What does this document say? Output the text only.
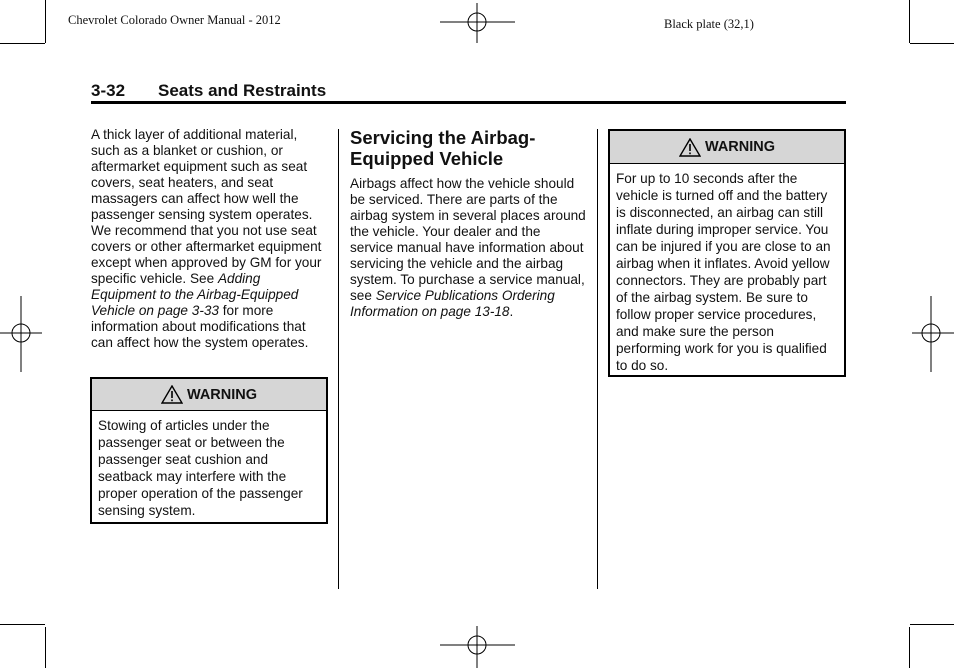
Chevrolet Colorado Owner Manual - 2012	Black plate (32,1)
3-32 Seats and Restraints

A thick layer of additional material, such as a blanket or cushion, or aftermarket equipment such as seat covers, seat heaters, and seat massagers can affect how well the passenger sensing system operates. We recommend that you not use seat covers or other aftermarket equipment except when approved by GM for your specific vehicle. See Adding Equipment to the Airbag-Equipped Vehicle on page 3-33 for more information about modifications that can affect how the system operates.

WARNING

Stowing of articles under the passenger seat or between the passenger seat cushion and seatback may interfere with the proper operation of the passenger sensing system.

Servicing the Airbag-Equipped Vehicle

Airbags affect how the vehicle should be serviced. There are parts of the airbag system in several places around the vehicle. Your dealer and the service manual have information about servicing the vehicle and the airbag system. To purchase a service manual, see Service Publications Ordering Information on page 13-18.

WARNING

For up to 10 seconds after the vehicle is turned off and the battery is disconnected, an airbag can still inflate during improper service. You can be injured if you are close to an airbag when it inflates. Avoid yellow connectors. They are probably part of the airbag system. Be sure to follow proper service procedures, and make sure the person performing work for you is qualified to do so.
